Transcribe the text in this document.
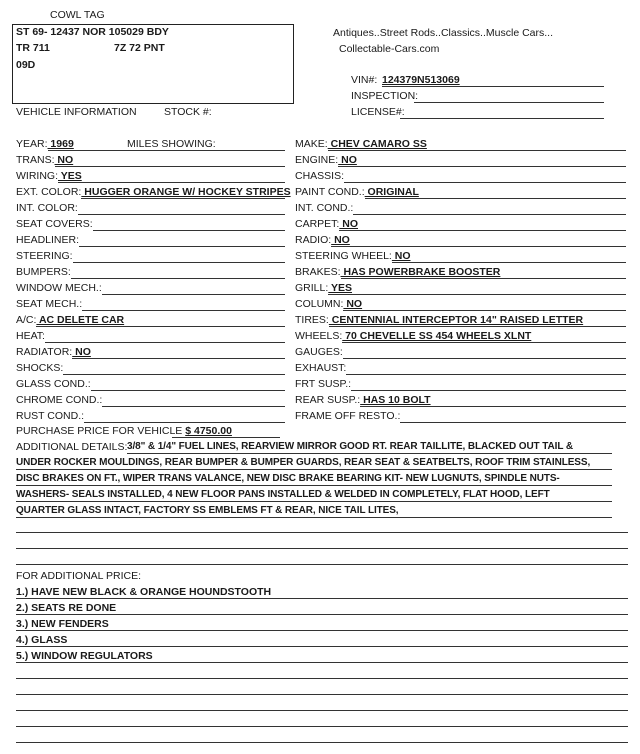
COWL TAG
ST 69- 12437 NOR 105029 BDY
TR 711	7Z 72 PNT
09D
Antiques..Street Rods..Classics..Muscle Cars...
Collectable-Cars.com
VIN#: 124379N513069
INSPECTION:
LICENSE#:
VEHICLE INFORMATION	STOCK #:
YEAR: 1969	MILES SHOWING:
TRANS: NO
WIRING: YES
EXT. COLOR: HUGGER ORANGE W/ HOCKEY STRIPES
INT. COLOR:
SEAT COVERS:
HEADLINER:
STEERING:
BUMPERS:
WINDOW MECH.:
SEAT MECH.:
A/C: AC DELETE CAR
HEAT:
RADIATOR: NO
SHOCKS:
GLASS COND.:
CHROME COND.:
RUST COND.:
MAKE: CHEV CAMARO SS
ENGINE: NO
CHASSIS:
PAINT COND.: ORIGINAL
INT. COND.:
CARPET: NO
RADIO: NO
STEERING WHEEL: NO
BRAKES: HAS POWERBRAKE BOOSTER
GRILL: YES
COLUMN: NO
TIRES: CENTENNIAL INTERCEPTOR 14" RAISED LETTER
WHEELS: 70 CHEVELLE SS 454 WHEELS XLNT
GAUGES:
EXHAUST:
FRT SUSP.:
REAR SUSP.: HAS 10 BOLT
FRAME OFF RESTO.:
PURCHASE PRICE FOR VEHICLE $ 4750.00
ADDITIONAL DETAILS: 3/8" & 1/4" FUEL LINES, REARVIEW MIRROR GOOD RT. REAR TAILLITE, BLACKED OUT TAIL &
UNDER ROCKER MOULDINGS, REAR BUMPER & BUMPER GUARDS, REAR SEAT & SEATBELTS, ROOF TRIM STAINLESS,
DISC BRAKES ON FT., WIPER TRANS VALANCE, NEW DISC BRAKE BEARING KIT- NEW LUGNUTS, SPINDLE NUTS-
WASHERS- SEALS INSTALLED, 4 NEW FLOOR PANS INSTALLED & WELDED IN COMPLETELY, FLAT HOOD, LEFT
QUARTER GLASS INTACT, FACTORY SS EMBLEMS FT & REAR, NICE TAIL LITES,
FOR ADDITIONAL PRICE:
1.) HAVE NEW BLACK & ORANGE HOUNDSTOOTH
2.) SEATS RE DONE
3.) NEW FENDERS
4.) GLASS
5.) WINDOW REGULATORS
